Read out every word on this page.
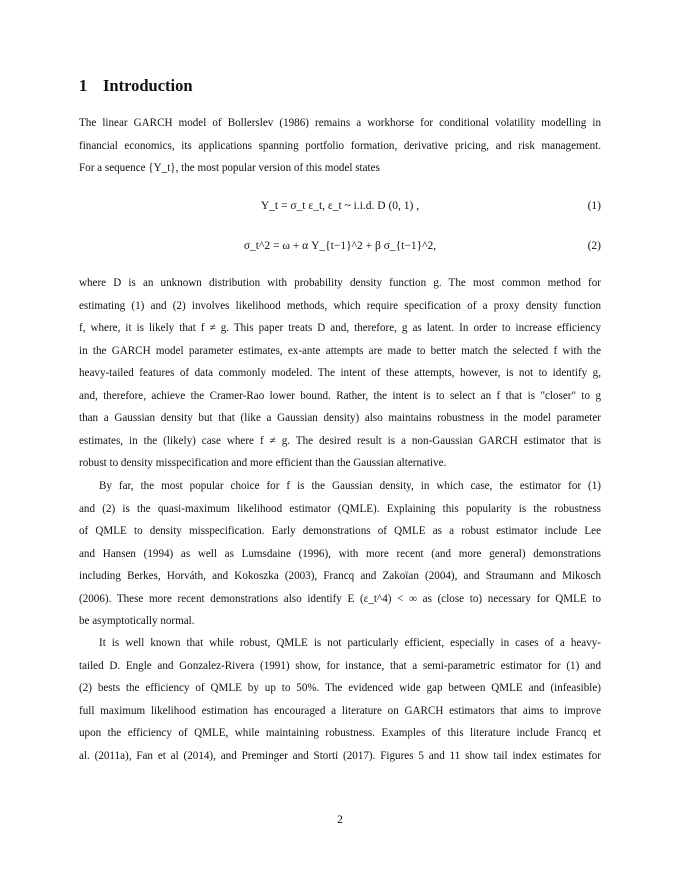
1 Introduction
The linear GARCH model of Bollerslev (1986) remains a workhorse for conditional volatility modelling in
financial economics, its applications spanning portfolio formation, derivative pricing, and risk management.
For a sequence {Y_t}, the most popular version of this model states
Y_t = σ_t ε_t, ε_t ~ i.i.d. D (0, 1) ,	(1)
σ_t^2 = ω + α Y_{t−1}^2 + β σ_{t−1}^2,	(2)
where D is an unknown distribution with probability density function g. The most common method for
estimating (1) and (2) involves likelihood methods, which require specification of a proxy density function
f, where, it is likely that f ≠ g. This paper treats D and, therefore, g as latent. In order to increase efficiency
in the GARCH model parameter estimates, ex-ante attempts are made to better match the selected f with the
heavy-tailed features of data commonly modeled. The intent of these attempts, however, is not to identify g,
and, therefore, achieve the Cramer-Rao lower bound. Rather, the intent is to select an f that is "closer" to g
than a Gaussian density but that (like a Gaussian density) also maintains robustness in the model parameter
estimates, in the (likely) case where f ≠ g. The desired result is a non-Gaussian GARCH estimator that is
robust to density misspecification and more efficient than the Gaussian alternative.
By far, the most popular choice for f is the Gaussian density, in which case, the estimator for (1)
and (2) is the quasi-maximum likelihood estimator (QMLE). Explaining this popularity is the robustness
of QMLE to density misspecification. Early demonstrations of QMLE as a robust estimator include Lee
and Hansen (1994) as well as Lumsdaine (1996), with more recent (and more general) demonstrations
including Berkes, Horváth, and Kokoszka (2003), Francq and Zakoïan (2004), and Straumann and Mikosch
(2006). These more recent demonstrations also identify E (ε_t^4) < ∞ as (close to) necessary for QMLE to
be asymptotically normal.
It is well known that while robust, QMLE is not particularly efficient, especially in cases of a heavy-
tailed D. Engle and Gonzalez-Rivera (1991) show, for instance, that a semi-parametric estimator for (1) and
(2) bests the efficiency of QMLE by up to 50%. The evidenced wide gap between QMLE and (infeasible)
full maximum likelihood estimation has encouraged a literature on GARCH estimators that aims to improve
upon the efficiency of QMLE, while maintaining robustness. Examples of this literature include Francq et
al. (2011a), Fan et al (2014), and Preminger and Storti (2017). Figures 5 and 11 show tail index estimates for
2
